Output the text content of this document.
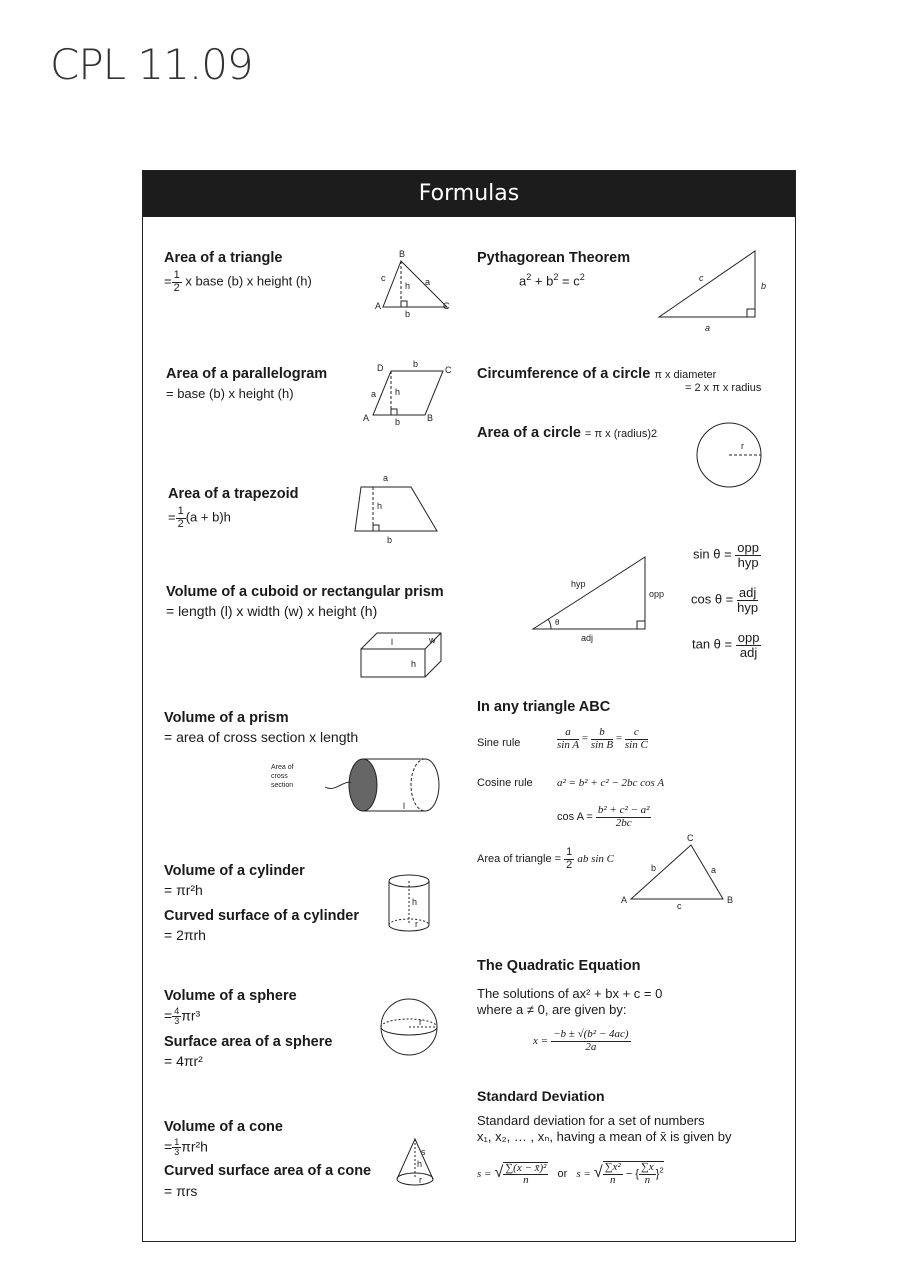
CPL 11.09
Formulas
Area of a triangle
= $\frac{1}{2}$ x base (b) x height (h)
B
A	C
c	a
h
b
Area of a parallelogram
= base (b) x height (h)
D	C
A	B
b
a h
b
Area of a trapezoid
= $\frac{1}{2} (a + b)h$
a
h
b
Volume of a cuboid or rectangular prism
= length (l) x width (w) x height (h)
l	w
h
Volume of a prism
= area of cross section x length
Area of
cross
section
l
Volume of a cylinder
= πr²h
Curved surface of a cylinder
= 2πrh
h
r
Volume of a sphere
= $\frac{4}{3} \pi r^3$
Surface area of a sphere
= 4πr²
r
Volume of a cone
= $\frac{1}{3} \pi r^2h$
Curved surface area of a cone
= πrs
s
h
r
Pythagorean Theorem
$a^2 + b^2 = c^2$	c
b
a
Circumference of a circle π x diameter
= 2 x π x radius
Area of a circle = π x (radius)2
r
θ
hyp
opp
adj
$\sin \theta = \frac{\text{opp}}{\text{hyp}}$
$\cos \theta = \frac{\text{adj}}{\text{hyp}}$
$\tan \theta = \frac{\text{opp}}{\text{adj}}$
In any triangle ABC
Sine rule	$\frac{a}{\text{sin A}} = \frac{b}{\text{sin B}} = \frac{c}{\text{sin C}}$
Cosine rule a² = b² + c² − 2bc cos A
$\cos A = \frac{\text{b² + c² − a²}}{2bc}$
Area of triangle = $\frac{1}{2}$ ab sin C
C
A	B
b	a
c
The Quadratic Equation
The solutions of ax² + bx + c = 0
where a ≠ 0, are given by:
$x = \frac{\text{−b ± √(b² − 4ac)}}{2a}$
Standard Deviation
Standard deviation for a set of numbers
x₁, x₂, … , xₙ, having a mean of x̄ is given by
s = √ $\frac{\text{∑(x − x̄)²}}{n}$ or s = √ $\frac{\text{∑x²}}{n}$ − { $\frac{\sum x}{n} \}^2$
